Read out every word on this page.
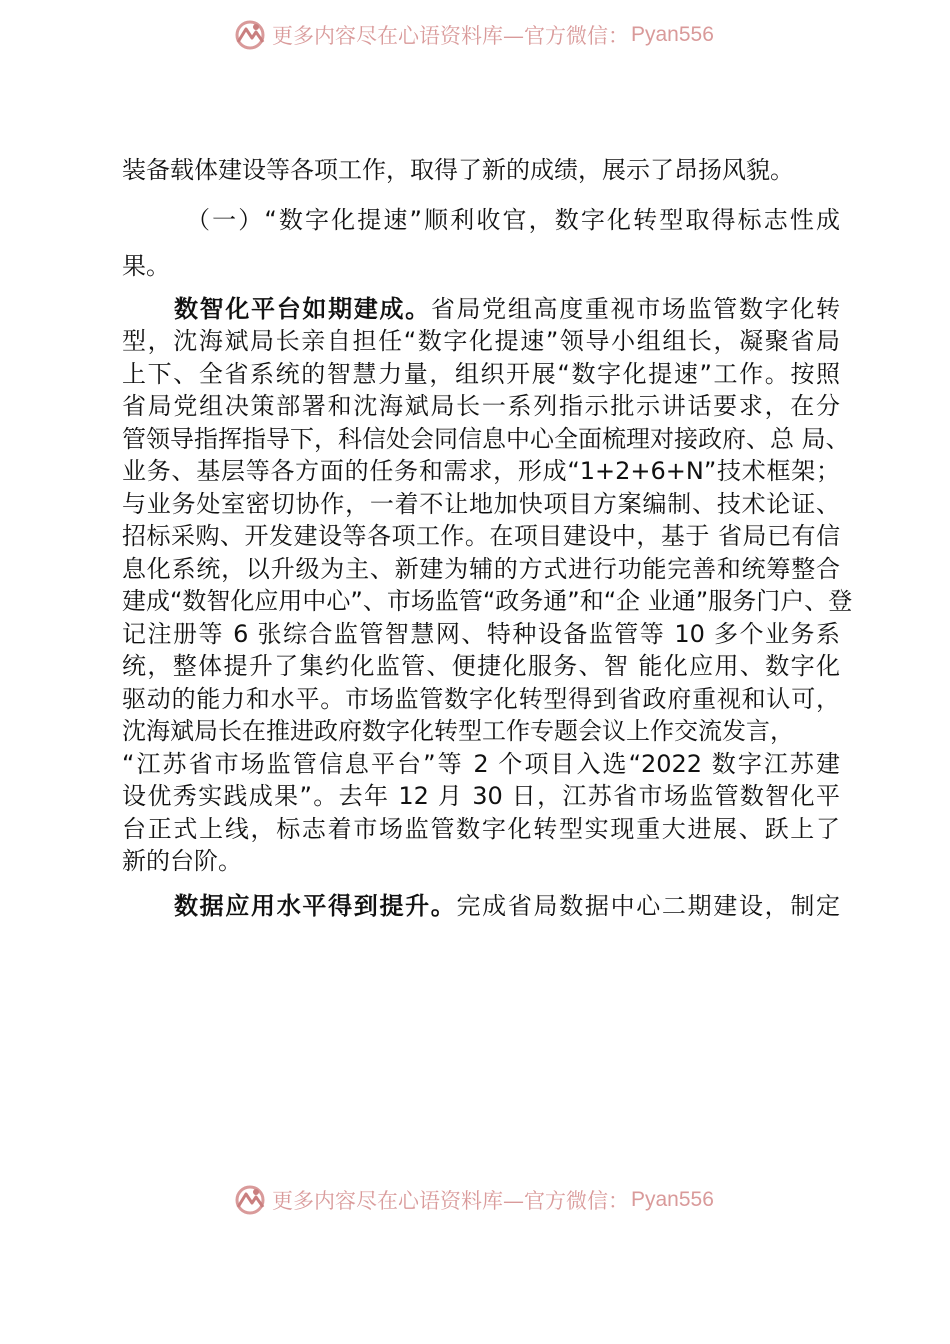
更多内容尽在心语资料库—官方微信： Pyan556
装备载体建设等各项工作，取得了新的成绩，展示了昂扬风貌。
（一）“数字化提速”顺利收官，数字化转型取得标志性成
果。
数智化平台如期建成。省局党组高度重视市场监管数字化转
型，沈海斌局长亲自担任“数字化提速”领导小组组长，凝聚省局
上下、全省系统的智慧力量，组织开展“数字化提速”工作。按照
省局党组决策部署和沈海斌局长一系列指示批示讲话要求，在分
管领导指挥指导下，科信处会同信息中心全面梳理对接政府、总 局、
业务、基层等各方面的任务和需求，形成“1+2+6+N”技术框架；
与业务处室密切协作，一着不让地加快项目方案编制、技术论证、
招标采购、开发建设等各项工作。在项目建设中，基于 省局已有信
息化系统，以升级为主、新建为辅的方式进行功能完善和统筹整合
建成“数智化应用中心”、市场监管“政务通”和“企 业通”服务门户、登
记注册等 6 张综合监管智慧网、特种设备监管等 10 多个业务系
统，整体提升了集约化监管、便捷化服务、智 能化应用、数字化
驱动的能力和水平。市场监管数字化转型得到省政府重视和认可，
沈海斌局长在推进政府数字化转型工作专题会议上作交流发言，
“江苏省市场监管信息平台”等 2 个项目入选“2022 数字江苏建
设优秀实践成果”。去年 12 月 30 日，江苏省市场监管数智化平
台正式上线，标志着市场监管数字化转型实现重大进展、跃上了
新的台阶。
数据应用水平得到提升。完成省局数据中心二期建设，制定
更多内容尽在心语资料库—官方微信： Pyan556
